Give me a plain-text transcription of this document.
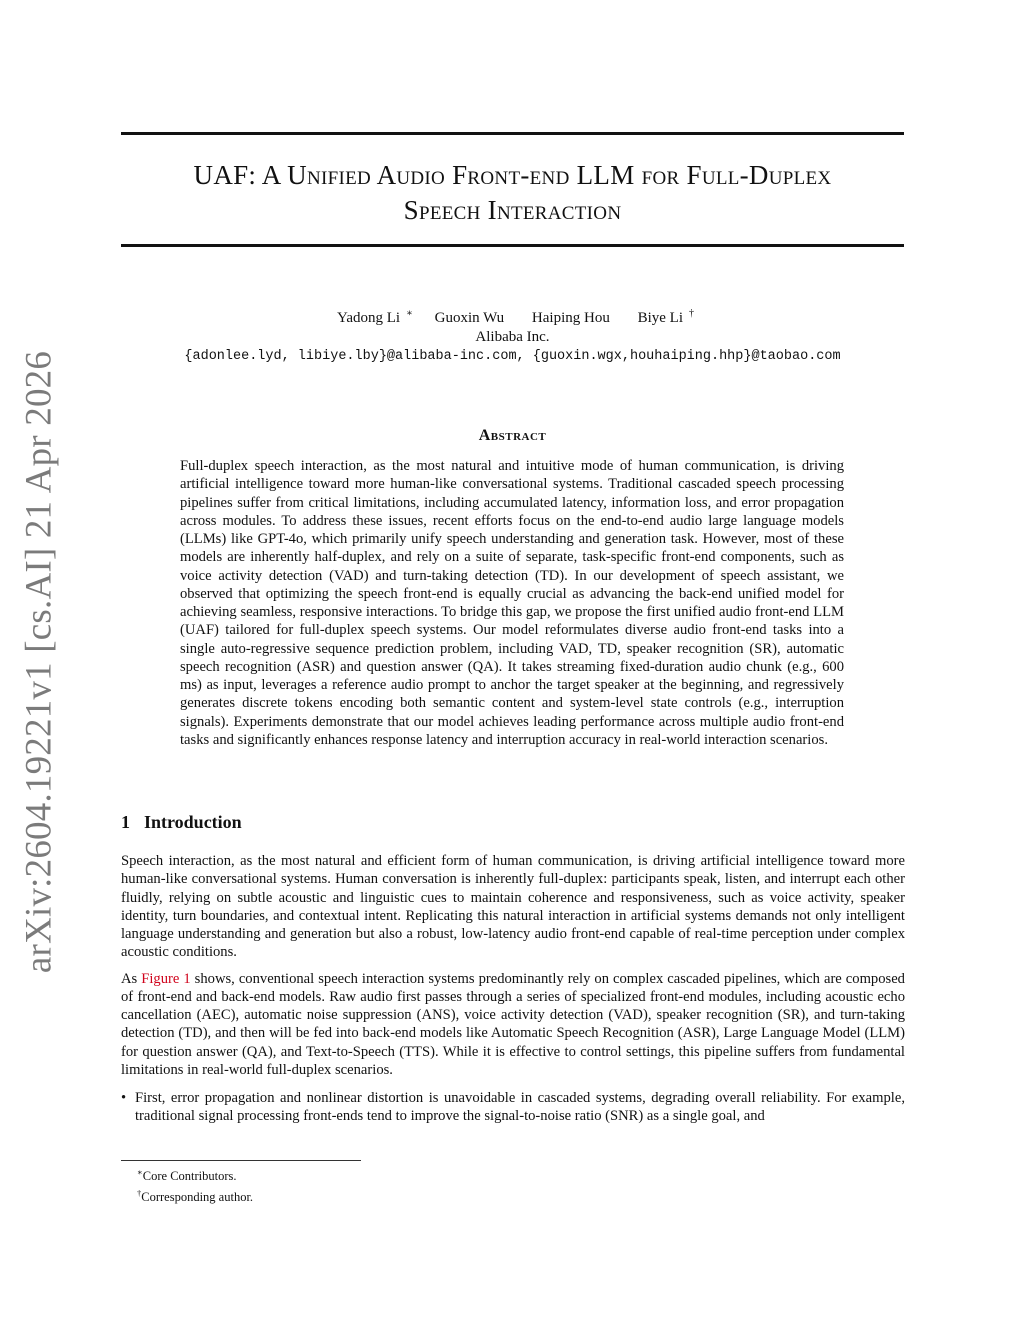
arXiv:2604.19221v1 [cs.AI] 21 Apr 2026
UAF: A Unified Audio Front-end LLM for Full-Duplex
Speech Interaction
Yadong Li ∗ Guoxin Wu Haiping Hou Biye Li †
Alibaba Inc.
{adonlee.lyd, libiye.lby}@alibaba-inc.com, {guoxin.wgx,houhaiping.hhp}@taobao.com
Abstract
Full-duplex speech interaction, as the most natural and intuitive mode of human communication, is driving artificial intelligence toward more human-like conversational systems. Traditional cascaded speech processing pipelines suffer from critical limitations, including accumulated latency, information loss, and error propagation across modules. To address these issues, recent efforts focus on the end-to-end audio large language models (LLMs) like GPT-4o, which primarily unify speech understanding and generation task. However, most of these models are inherently half-duplex, and rely on a suite of separate, task-specific front-end components, such as voice activity detection (VAD) and turn-taking detection (TD). In our development of speech assistant, we observed that optimizing the speech front-end is equally crucial as advancing the back-end unified model for achieving seamless, responsive interactions. To bridge this gap, we propose the first unified audio front-end LLM (UAF) tailored for full-duplex speech systems. Our model reformulates diverse audio front-end tasks into a single auto-regressive sequence prediction problem, including VAD, TD, speaker recognition (SR), automatic speech recognition (ASR) and question answer (QA). It takes streaming fixed-duration audio chunk (e.g., 600 ms) as input, leverages a reference audio prompt to anchor the target speaker at the beginning, and regressively generates discrete tokens encoding both semantic content and system-level state controls (e.g., interruption signals). Experiments demonstrate that our model achieves leading performance across multiple audio front-end tasks and significantly enhances response latency and interruption accuracy in real-world interaction scenarios.
1 Introduction

Speech interaction, as the most natural and efficient form of human communication, is driving artificial intelligence toward more human-like conversational systems. Human conversation is inherently full-duplex: participants speak, listen, and interrupt each other fluidly, relying on subtle acoustic and linguistic cues to maintain coherence and responsiveness, such as voice activity, speaker identity, turn boundaries, and contextual intent. Replicating this natural interaction in artificial systems demands not only intelligent language understanding and generation but also a robust, low-latency audio front-end capable of real-time perception under complex acoustic conditions.

As Figure 1 shows, conventional speech interaction systems predominantly rely on complex cascaded pipelines, which are composed of front-end and back-end models. Raw audio first passes through a series of specialized front-end modules, including acoustic echo cancellation (AEC), automatic noise suppression (ANS), voice activity detection (VAD), speaker recognition (SR), and turn-taking detection (TD), and then will be fed into back-end models like Automatic Speech Recognition (ASR), Large Language Model (LLM) for question answer (QA), and Text-to-Speech (TTS). While it is effective to control settings, this pipeline suffers from fundamental limitations in real-world full-duplex scenarios.

• First, error propagation and nonlinear distortion is unavoidable in cascaded systems, degrading overall reliability. For example, traditional signal processing front-ends tend to improve the signal-to-noise ratio (SNR) as a single goal, and
∗Core Contributors.
†Corresponding author.
